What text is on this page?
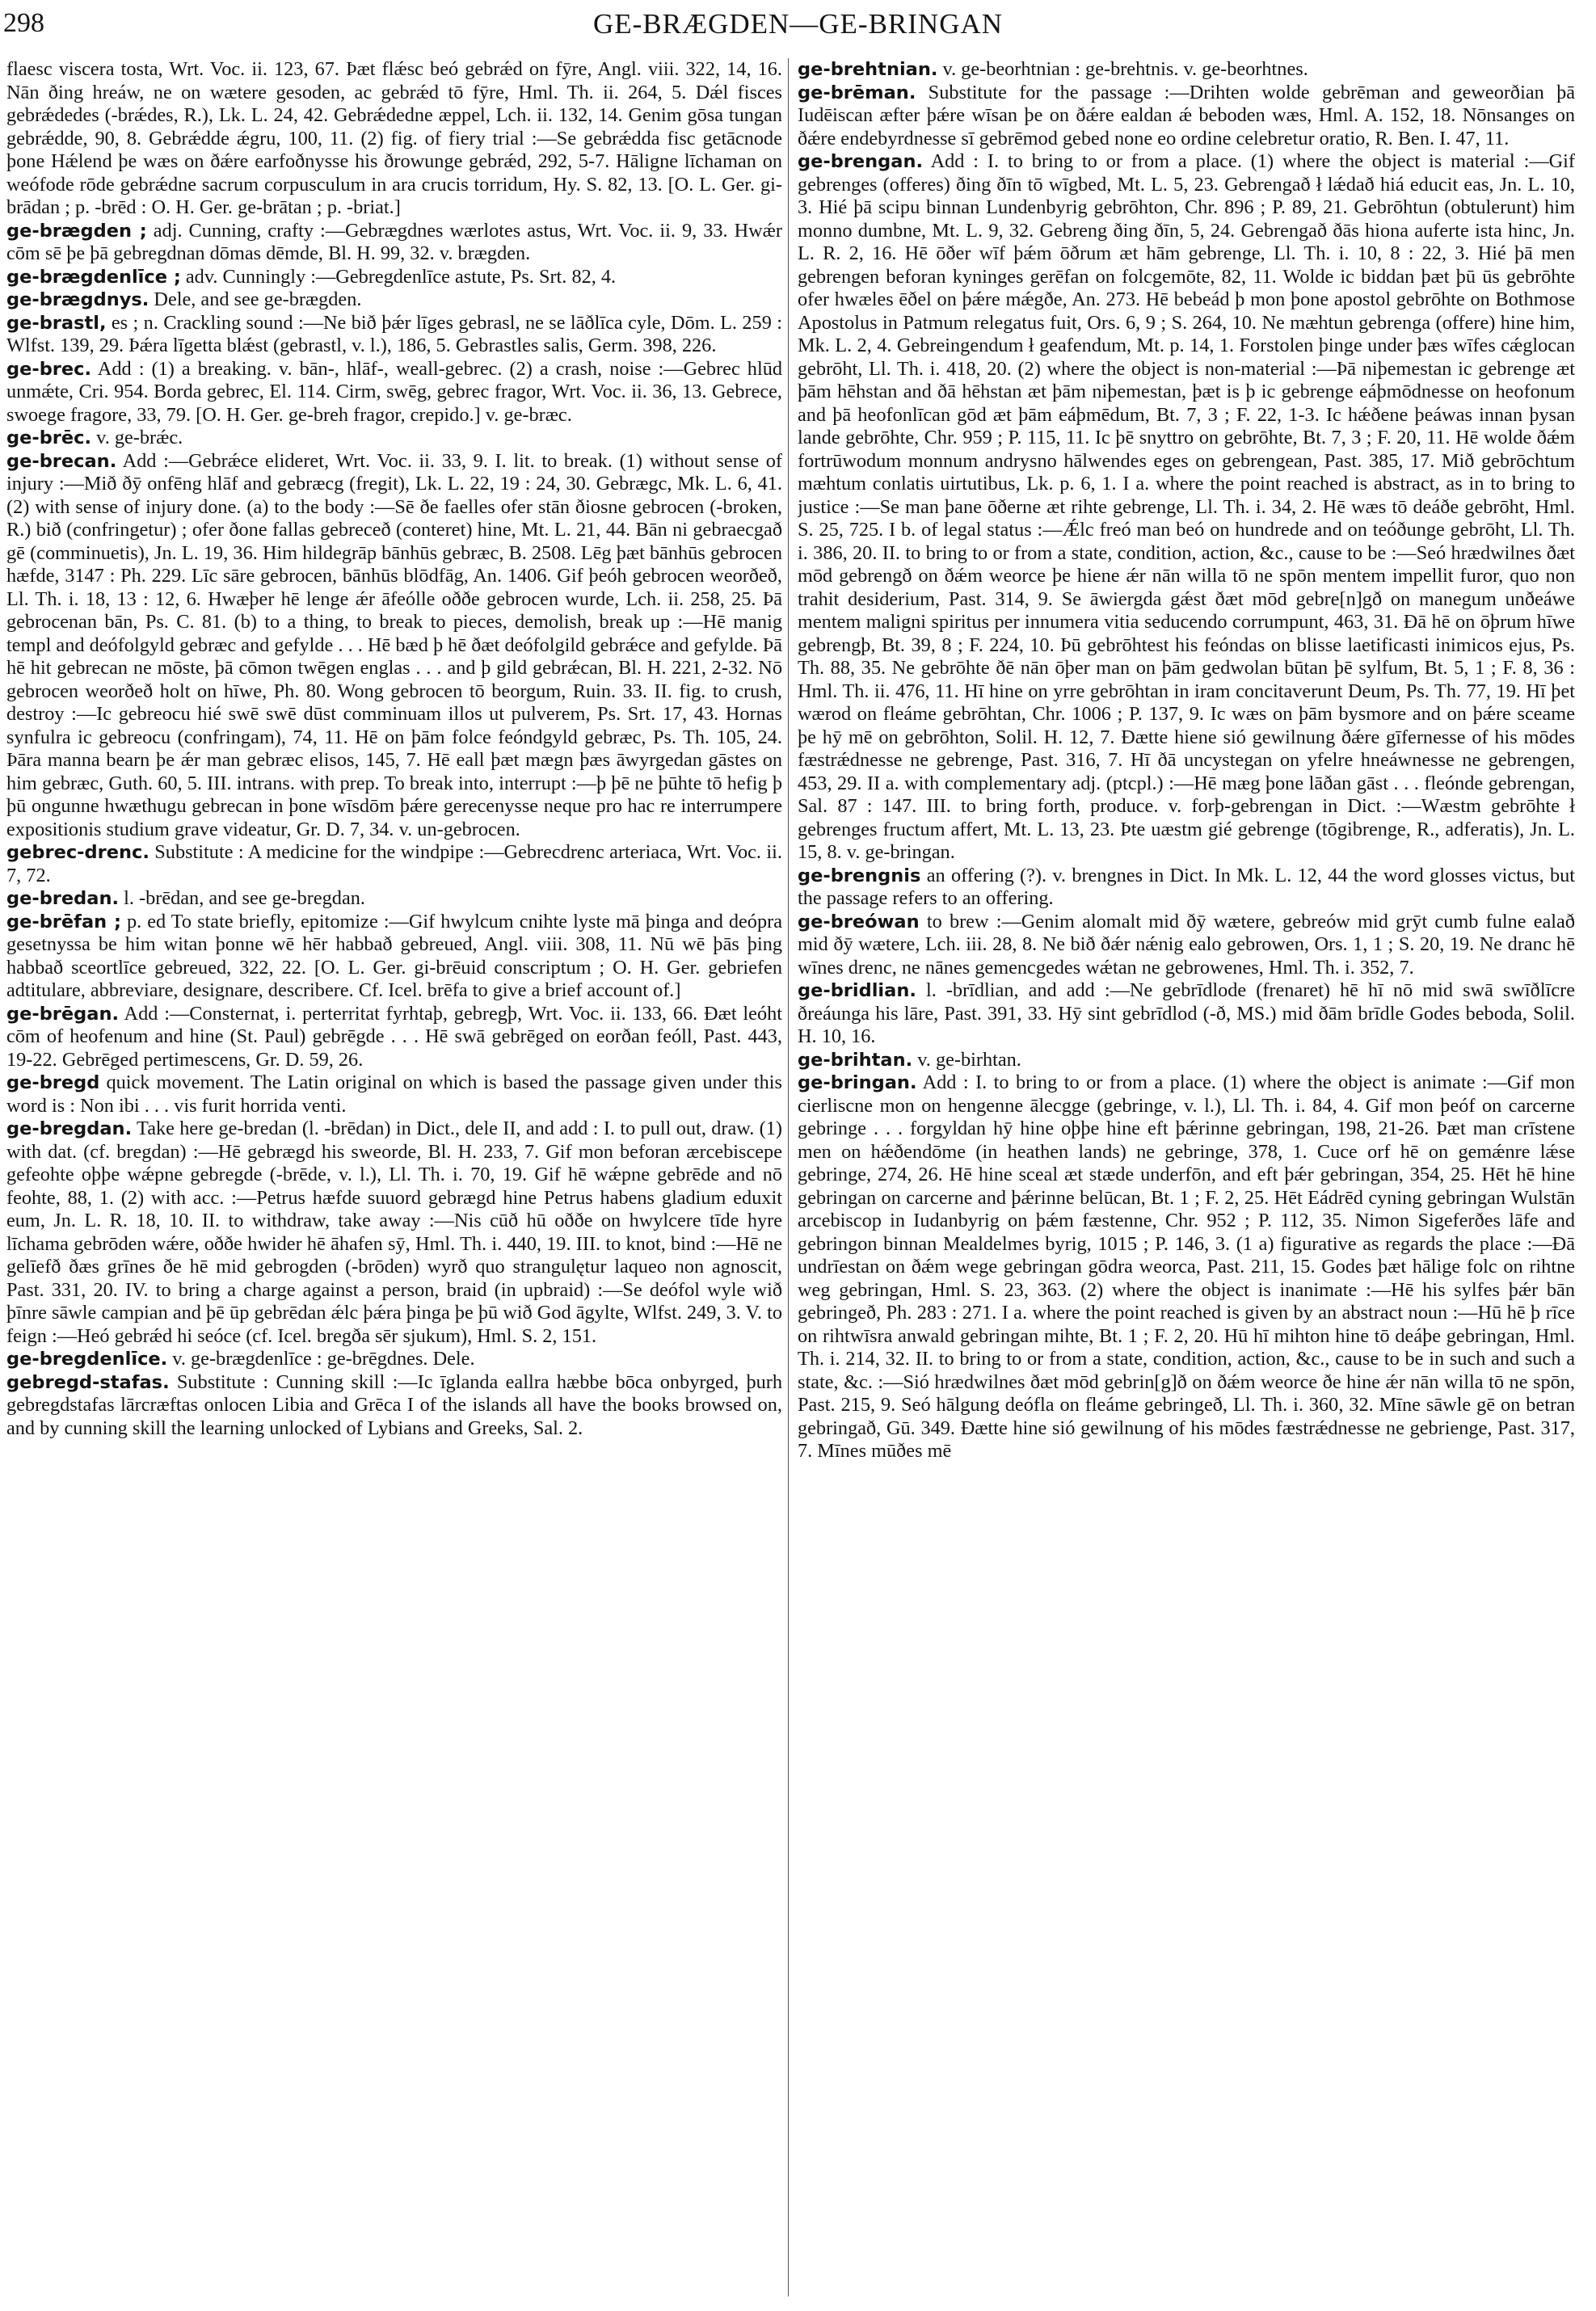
298	GE-BRÆGDEN—GE-BRINGAN

flaesc viscera tosta, Wrt. Voc. ii. 123, 67. Þæt flǽsc beó gebrǽd on fȳre, Angl. viii. 322, 14, 16. Nān ðing hreáw, ne on wætere gesoden, ac gebrǽd tō fȳre, Hml. Th. ii. 264, 5. Dǽl fisces gebrǽdedes (-brǽdes, R.), Lk. L. 24, 42. Gebrǽdedne æppel, Lch. ii. 132, 14. Genim gōsa tungan gebrǽdde, 90, 8. Gebrǽdde ǽgru, 100, 11. (2) fig. of fiery trial :—Se gebrǽdda fisc getācnode þone Hǽlend þe wæs on ðǽre earfoðnysse his ðrowunge gebrǽd, 292, 5-7. Hāligne līchaman on weófode rōde gebrǽdne sacrum corpusculum in ara crucis torridum, Hy. S. 82, 13. [O. L. Ger. gi-brādan ; p. -brēd : O. H. Ger. ge-brātan ; p. -briat.]

ge-brægden ; adj. Cunning, crafty :—Gebrægdnes wærlotes astus, Wrt. Voc. ii. 9, 33. Hwǽr cōm sē þe þā gebregdnan dōmas dēmde, Bl. H. 99, 32. v. brægden.

ge-brægdenlīce ; adv. Cunningly :—Gebregdenlīce astute, Ps. Srt. 82, 4.

ge-brægdnys. Dele, and see ge-brægden.

ge-brastl, es ; n. Crackling sound :—Ne bið þǽr līges gebrasl, ne se lāðlīca cyle, Dōm. L. 259 : Wlfst. 139, 29. Þǽra līgetta blǽst (gebrastl, v. l.), 186, 5. Gebrastles salis, Germ. 398, 226.

ge-brec. Add : (1) a breaking. v. bān-, hlāf-, weall-gebrec. (2) a crash, noise :—Gebrec hlūd unmǽte, Cri. 954. Borda gebrec, El. 114. Cirm, swēg, gebrec fragor, Wrt. Voc. ii. 36, 13. Gebrece, swoege fragore, 33, 79. [O. H. Ger. ge-breh fragor, crepido.] v. ge-bræc.

ge-brēc. v. ge-brǽc.

ge-brecan. Add :—Gebrǽce elideret, Wrt. Voc. ii. 33, 9. I. lit. to break. (1) without sense of injury :—Mið ðȳ onfēng hlāf and gebræcg (fregit), Lk. L. 22, 19 : 24, 30. Gebrægc, Mk. L. 6, 41. (2) with sense of injury done. (a) to the body :—Sē ðe faelles ofer stān ðiosne gebrocen (-broken, R.) bið (confringetur) ; ofer ðone fallas gebreceð (conteret) hine, Mt. L. 21, 44. Bān ni gebraecgað gē (comminuetis), Jn. L. 19, 36. Him hildegrāp bānhūs gebræc, B. 2508. Lēg þæt bānhūs gebrocen hæfde, 3147 : Ph. 229. Līc sāre gebrocen, bānhūs blōdfāg, An. 1406. Gif þeóh gebrocen weorðeð, Ll. Th. i. 18, 13 : 12, 6. Hwæþer hē lenge ǽr āfeólle oððe gebrocen wurde, Lch. ii. 258, 25. Þā gebrocenan bān, Ps. C. 81. (b) to a thing, to break to pieces, demolish, break up :—Hē manig templ and deófolgyld gebræc and gefylde . . . Hē bæd þ hē ðæt deófolgild gebrǽce and gefylde. Þā hē hit gebrecan ne mōste, þā cōmon twēgen englas . . . and þ gild gebrǽcan, Bl. H. 221, 2-32. Nō gebrocen weorðeð holt on hīwe, Ph. 80. Wong gebrocen tō beorgum, Ruin. 33. II. fig. to crush, destroy :—Ic gebreocu hié swē swē dūst comminuam illos ut pulverem, Ps. Srt. 17, 43. Hornas synfulra ic gebreocu (confringam), 74, 11. Hē on þām folce feóndgyld gebræc, Ps. Th. 105, 24. Þāra manna bearn þe ǽr man gebræc elisos, 145, 7. Hē eall þæt mægn þæs āwyrgedan gāstes on him gebræc, Guth. 60, 5. III. intrans. with prep. To break into, interrupt :—þ þē ne þūhte tō hefig þ þū ongunne hwæthugu gebrecan in þone wīsdōm þǽre gerecenysse neque pro hac re interrumpere expositionis studium grave videatur, Gr. D. 7, 34. v. un-gebrocen.

gebrec-drenc. Substitute : A medicine for the windpipe :—Gebrecdrenc arteriaca, Wrt. Voc. ii. 7, 72.

ge-bredan. l. -brēdan, and see ge-bregdan.

ge-brēfan ; p. ed To state briefly, epitomize :—Gif hwylcum cnihte lyste mā þinga and deópra gesetnyssa be him witan þonne wē hēr habbað gebreued, Angl. viii. 308, 11. Nū wē þās þing habbað sceortlīce gebreued, 322, 22. [O. L. Ger. gi-brēuid conscriptum ; O. H. Ger. gebriefen adtitulare, abbreviare, designare, describere. Cf. Icel. brēfa to give a brief account of.]

ge-brēgan. Add :—Consternat, i. perterritat fyrhtaþ, gebregþ, Wrt. Voc. ii. 133, 66. Ðæt leóht cōm of heofenum and hine (St. Paul) gebrēgde . . . Hē swā gebrēged on eorðan feóll, Past. 443, 19-22. Gebrēged pertimescens, Gr. D. 59, 26.

ge-bregd quick movement. The Latin original on which is based the passage given under this word is : Non ibi . . . vis furit horrida venti.

ge-bregdan. Take here ge-bredan (l. -brēdan) in Dict., dele II, and add : I. to pull out, draw. (1) with dat. (cf. bregdan) :—Hē gebrægd his sweorde, Bl. H. 233, 7. Gif mon beforan ærcebiscepe gefeohte oþþe wǽpne gebregde (-brēde, v. l.), Ll. Th. i. 70, 19. Gif hē wǽpne gebrēde and nō feohte, 88, 1. (2) with acc. :—Petrus hæfde suuord gebrægd hine Petrus habens gladium eduxit eum, Jn. L. R. 18, 10. II. to withdraw, take away :—Nis cūð hū oððe on hwylcere tīde hyre līchama gebrōden wǽre, oððe hwider hē āhafen sȳ, Hml. Th. i. 440, 19. III. to knot, bind :—Hē ne gelīefð ðæs grīnes ðe hē mid gebrogden (-brōden) wyrð quo strangulętur laqueo non agnoscit, Past. 331, 20. IV. to bring a charge against a person, braid (in upbraid) :—Se deófol wyle wið þīnre sāwle campian and þē ūp gebrēdan ǽlc þǽra þinga þe þū wið God āgylte, Wlfst. 249, 3. V. to feign :—Heó gebrǽd hi seóce (cf. Icel. bregða sēr sjukum), Hml. S. 2, 151.

ge-bregdenlīce. v. ge-brægdenlīce : ge-brēgdnes. Dele.

gebregd-stafas. Substitute : Cunning skill :—Ic īglanda eallra hæbbe bōca onbyrged, þurh gebregdstafas lārcræftas onlocen Libia and Grēca I of the islands all have the books browsed on, and by cunning skill the learning unlocked of Lybians and Greeks, Sal. 2.

ge-brehtnian. v. ge-beorhtnian : ge-brehtnis. v. ge-beorhtnes.

ge-brēman. Substitute for the passage :—Drihten wolde gebrēman and geweorðian þā Iudēiscan æfter þǽre wīsan þe on ðǽre ealdan ǽ beboden wæs, Hml. A. 152, 18. Nōnsanges on ðǽre endebyrdnesse sī gebrēmod gebed none eo ordine celebretur oratio, R. Ben. I. 47, 11.

ge-brengan. Add : I. to bring to or from a place. (1) where the object is material :—Gif gebrenges (offeres) ðing ðīn tō wīgbed, Mt. L. 5, 23. Gebrengað ł lǽdað hiá educit eas, Jn. L. 10, 3. Hié þā scipu binnan Lundenbyrig gebrōhton, Chr. 896 ; P. 89, 21. Gebrōhtun (obtulerunt) him monno dumbne, Mt. L. 9, 32. Gebreng ðing ðīn, 5, 24. Gebrengað ðās hiona auferte ista hinc, Jn. L. R. 2, 16. Hē ōðer wīf þǽm ōðrum æt hām gebrenge, Ll. Th. i. 10, 8 : 22, 3. Hié þā men gebrengen beforan kyninges gerēfan on folcgemōte, 82, 11. Wolde ic biddan þæt þū ūs gebrōhte ofer hwæles ēðel on þǽre mǽgðe, An. 273. Hē bebeád þ mon þone apostol gebrōhte on Bothmose Apostolus in Patmum relegatus fuit, Ors. 6, 9 ; S. 264, 10. Ne mæhtun gebrenga (offere) hine him, Mk. L. 2, 4. Gebreingendum ł geafendum, Mt. p. 14, 1. Forstolen þinge under þæs wīfes cǽglocan gebrōht, Ll. Th. i. 418, 20. (2) where the object is non-material :—Þā niþemestan ic gebrenge æt þām hēhstan and ðā hēhstan æt þām niþemestan, þæt is þ ic gebrenge eáþmōdnesse on heofonum and þā heofonlīcan gōd æt þām eáþmēdum, Bt. 7, 3 ; F. 22, 1-3. Ic hǽðene þeáwas innan þysan lande gebrōhte, Chr. 959 ; P. 115, 11. Ic þē snyttro on gebrōhte, Bt. 7, 3 ; F. 20, 11. Hē wolde ðǽm fortrūwodum monnum andrysno hālwendes eges on gebrengean, Past. 385, 17. Mið gebrōchtum mæhtum conlatis uirtutibus, Lk. p. 6, 1. I a. where the point reached is abstract, as in to bring to justice :—Se man þane ōðerne æt rihte gebrenge, Ll. Th. i. 34, 2. Hē wæs tō deáðe gebrōht, Hml. S. 25, 725. I b. of legal status :—Ǽlc freó man beó on hundrede and on teóðunge gebrōht, Ll. Th. i. 386, 20. II. to bring to or from a state, condition, action, &c., cause to be :—Seó hrædwilnes ðæt mōd gebrengð on ðǽm weorce þe hiene ǽr nān willa tō ne spōn mentem impellit furor, quo non trahit desiderium, Past. 314, 9. Se āwiergda gǽst ðæt mōd gebre[n]gð on manegum unðeáwe mentem maligni spiritus per innumera vitia seducendo corrumpunt, 463, 31. Ðā hē on ōþrum hīwe gebrengþ, Bt. 39, 8 ; F. 224, 10. Þū gebrōhtest his feóndas on blisse laetificasti inimicos ejus, Ps. Th. 88, 35. Ne gebrōhte ðē nān ōþer man on þām gedwolan būtan þē sylfum, Bt. 5, 1 ; F. 8, 36 : Hml. Th. ii. 476, 11. Hī hine on yrre gebrōhtan in iram concitaverunt Deum, Ps. Th. 77, 19. Hī þet wærod on fleáme gebrōhtan, Chr. 1006 ; P. 137, 9. Ic wæs on þām bysmore and on þǽre sceame þe hȳ mē on gebrōhton, Solil. H. 12, 7. Ðætte hiene sió gewilnung ðǽre gīfernesse of his mōdes fæstrǽdnesse ne gebrenge, Past. 316, 7. Hī ðā uncystegan on yfelre hneáwnesse ne gebrengen, 453, 29. II a. with complementary adj. (ptcpl.) :—Hē mæg þone lāðan gāst . . . fleónde gebrengan, Sal. 87 : 147. III. to bring forth, produce. v. forþ-gebrengan in Dict. :—Wæstm gebrōhte ł gebrenges fructum affert, Mt. L. 13, 23. Þte uæstm gié gebrenge (tōgibrenge, R., adferatis), Jn. L. 15, 8. v. ge-bringan.

ge-brengnis an offering (?). v. brengnes in Dict. In Mk. L. 12, 44 the word glosses victus, but the passage refers to an offering.

ge-breówan to brew :—Genim alomalt mid ðȳ wætere, gebreów mid grȳt cumb fulne ealað mid ðȳ wætere, Lch. iii. 28, 8. Ne bið ðǽr nǽnig ealo gebrowen, Ors. 1, 1 ; S. 20, 19. Ne dranc hē wīnes drenc, ne nānes gemencgedes wǽtan ne gebrowenes, Hml. Th. i. 352, 7.

ge-bridlian. l. -brīdlian, and add :—Ne gebrīdlode (frenaret) hē hī nō mid swā swīðlīcre ðreáunga his lāre, Past. 391, 33. Hȳ sint gebrīdlod (-ð, MS.) mid ðām brīdle Godes beboda, Solil. H. 10, 16.

ge-brihtan. v. ge-birhtan.

ge-bringan. Add : I. to bring to or from a place. (1) where the object is animate :—Gif mon cierliscne mon on hengenne ālecgge (gebringe, v. l.), Ll. Th. i. 84, 4. Gif mon þeóf on carcerne gebringe . . . forgyldan hȳ hine oþþe hine eft þǽrinne gebringan, 198, 21-26. Þæt man crīstene men on hǽðendōme (in heathen lands) ne gebringe, 378, 1. Cuce orf hē on gemǽnre lǽse gebringe, 274, 26. Hē hine sceal æt stæde underfōn, and eft þǽr gebringan, 354, 25. Hēt hē hine gebringan on carcerne and þǽrinne belūcan, Bt. 1 ; F. 2, 25. Hēt Eádrēd cyning gebringan Wulstān arcebiscop in Iudanbyrig on þǽm fæstenne, Chr. 952 ; P. 112, 35. Nimon Sigeferðes lāfe and gebringon binnan Mealdelmes byrig, 1015 ; P. 146, 3. (1 a) figurative as regards the place :—Ðā undrīestan on ðǽm wege gebringan gōdra weorca, Past. 211, 15. Godes þæt hālige folc on rihtne weg gebringan, Hml. S. 23, 363. (2) where the object is inanimate :—Hē his sylfes þǽr bān gebringeð, Ph. 283 : 271. I a. where the point reached is given by an abstract noun :—Hū hē þ rīce on rihtwīsra anwald gebringan mihte, Bt. 1 ; F. 2, 20. Hū hī mihton hine tō deáþe gebringan, Hml. Th. i. 214, 32. II. to bring to or from a state, condition, action, &c., cause to be in such and such a state, &c. :—Sió hrædwilnes ðæt mōd gebrin[g]ð on ðǽm weorce ðe hine ǽr nān willa tō ne spōn, Past. 215, 9. Seó hālgung deófla on fleáme gebringeð, Ll. Th. i. 360, 32. Mīne sāwle gē on betran gebringað, Gū. 349. Ðætte hine sió gewilnung of his mōdes fæstrǽdnesse ne gebrienge, Past. 317, 7. Mīnes mūðes mē
